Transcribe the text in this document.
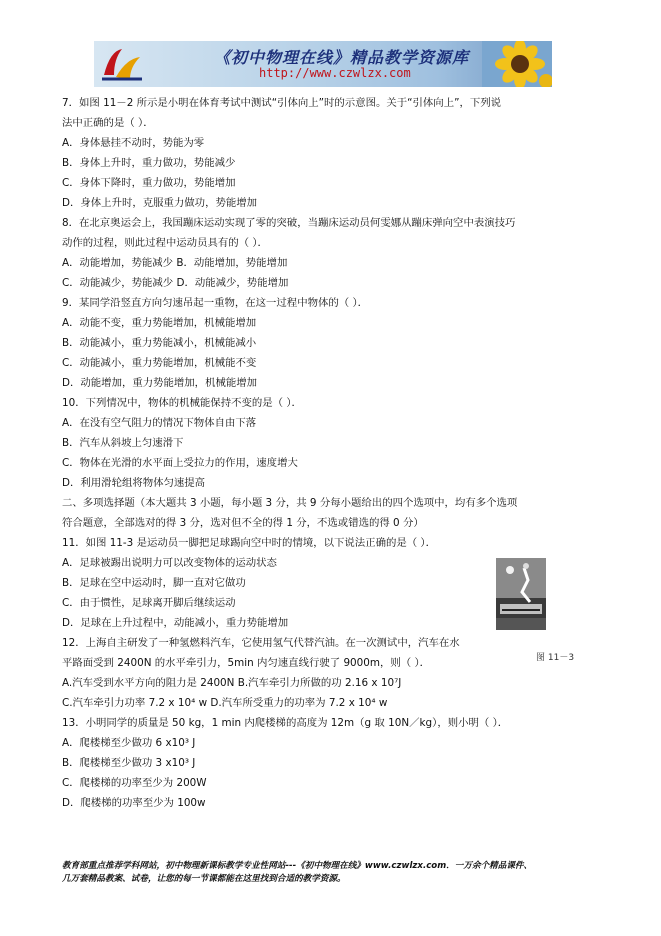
《初中物理在线》精品教学资源库
http://www.czwlzx.com
7．如图 11－2 所示是小明在体育考试中测试“引体向上”时的示意图。关于“引体向上”，下列说
法中正确的是（ ）．
A．身体悬挂不动时，势能为零
B．身体上升时，重力做功，势能减少
C．身体下降时，重力做功，势能增加
D．身体上升时，克服重力做功，势能增加
8．在北京奥运会上，我国蹦床运动实现了零的突破，当蹦床运动员何雯娜从蹦床弹向空中表演技巧
动作的过程，则此过程中运动员具有的（ ）．
A．动能增加，势能减少 B．动能增加，势能增加
C．动能减少，势能减少 D．动能减少，势能增加
9．某同学沿竖直方向匀速吊起一重物，在这一过程中物体的（ ）．
A．动能不变，重力势能增加，机械能增加
B．动能减小，重力势能减小，机械能减小
C．动能减小，重力势能增加，机械能不变
D．动能增加，重力势能增加，机械能增加
10．下列情况中，物体的机械能保持不变的是（ ）．
A．在没有空气阻力的情况下物体自由下落
B．汽车从斜坡上匀速滑下
C．物体在光滑的水平面上受拉力的作用，速度增大
D．利用滑轮组将物体匀速提高
二、多项选择题（本大题共 3 小题，每小题 3 分，共 9 分每小题给出的四个选项中，均有多个选项
符合题意，全部选对的得 3 分，选对但不全的得 1 分，不选或错选的得 0 分）
11．如图 11-3 是运动员一脚把足球踢向空中时的情境，以下说法正确的是（ ）．
A．足球被踢出说明力可以改变物体的运动状态
B．足球在空中运动时，脚一直对它做功
C．由于惯性，足球离开脚后继续运动
D．足球在上升过程中，动能减小，重力势能增加
12．上海自主研发了一种氢燃料汽车，它使用氢气代替汽油。在一次测试中，汽车在水
平路面受到 2400N 的水平牵引力，5min 内匀速直线行驶了 9000m，则（ ）．
A.汽车受到水平方向的阻力是 2400N B.汽车牵引力所做的功 2.16 x 10⁷J
C.汽车牵引力功率 7.2 x 10⁴ w D.汽车所受重力的功率为 7.2 x 10⁴ w
13．小明同学的质量是 50 kg，1 min 内爬楼梯的高度为 12m（g 取 10N／kg），则小明（ ）．
A．爬楼梯至少做功 6 x10³ J
B．爬楼梯至少做功 3 x10³ J
C．爬楼梯的功率至少为 200W
D．爬楼梯的功率至少为 100w
图 11－3
教育部重点推荐学科网站，初中物理新课标教学专业性网站---《初中物理在线》www.czwlzx.com．一万余个精品课件、
几万套精品教案、试卷，让您的每一节课都能在这里找到合适的教学资源。
